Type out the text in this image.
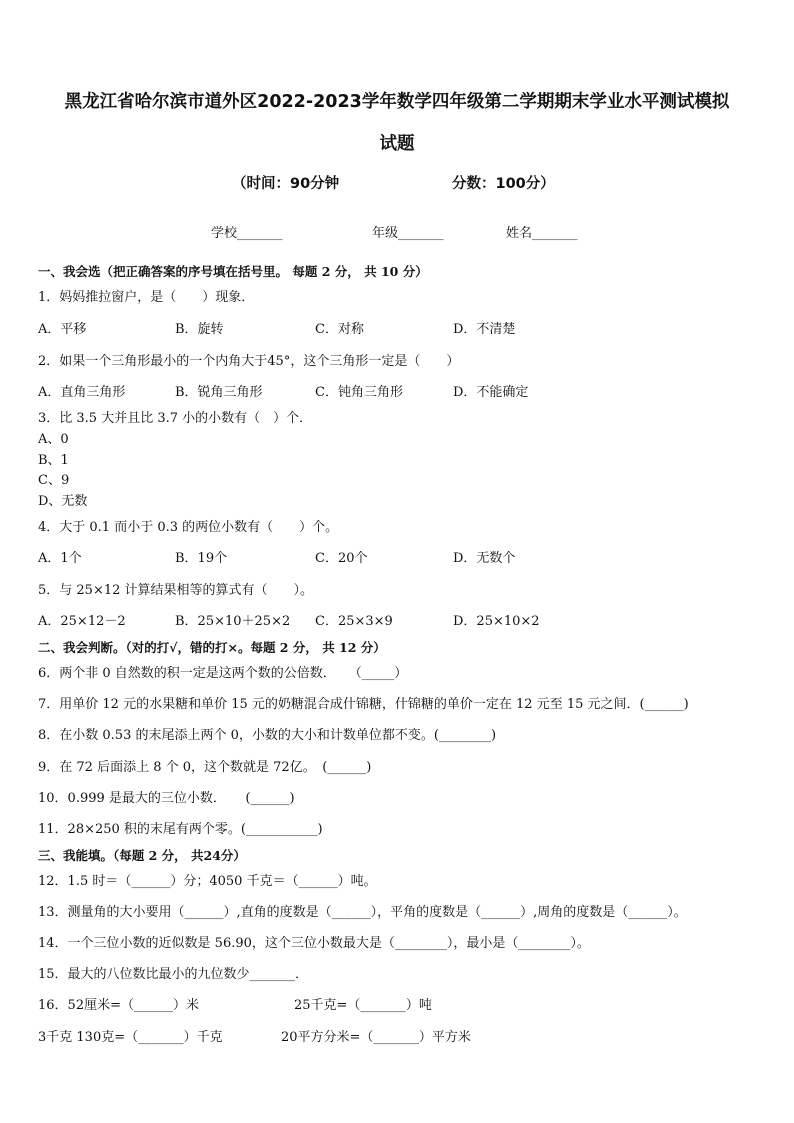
黑龙江省哈尔滨市道外区2022-2023学年数学四年级第二学期期末学业水平测试模拟
试题
（时间：90分钟	分数：100分）
学校_______	年级_______	姓名_______
一、我会选（把正确答案的序号填在括号里。 每题 2 分， 共 10 分）
1．妈妈推拉窗户，是（　　）现象．
A．平移	B．旋转	C．对称	D．不清楚
2．如果一个三角形最小的一个内角大于45°，这个三角形一定是（　　）
A．直角三角形	B．锐角三角形	C．钝角三角形	D．不能确定
3．比 3.5 大并且比 3.7 小的小数有（　）个．
A、0
B、1
C、9
D、无数
4．大于 0.1 而小于 0.3 的两位小数有（　　）个。
A．1个	B．19个	C．20个	D．无数个
5．与 25×12 计算结果相等的算式有（　　）。
A．25×12－2	B．25×10＋25×2 C．25×3×9	D．25×10×2
二、我会判断。（对的打√，错的打×。每题 2 分， 共 12 分）
6．两个非 0 自然数的积一定是这两个数的公倍数．　　（_____）
7．用单价 12 元的水果糖和单价 15 元的奶糖混合成什锦糖，什锦糖的单价一定在 12 元至 15 元之间．(______)
8．在小数 0.53 的末尾添上两个 0，小数的大小和计数单位都不变。(________)
9．在 72 后面添上 8 个 0，这个数就是 72亿。　(______)
10．0.999 是最大的三位小数．　　(______)
11．28×250 积的末尾有两个零。(___________)
三、我能填。（每题 2 分， 共24分）
12．1.5 时＝（______）分；4050 千克＝（______）吨。
13．测量角的大小要用（______）,直角的度数是（______），平角的度数是（______）,周角的度数是（______）。
14．一个三位小数的近似数是 56.90，这个三位小数最大是（________），最小是（________）。
15．最大的八位数比最小的九位数少_______．
16．52厘米=（______）米	25千克=（_______）吨
3千克 130克=（_______）千克	20平方分米=（_______）平方米
